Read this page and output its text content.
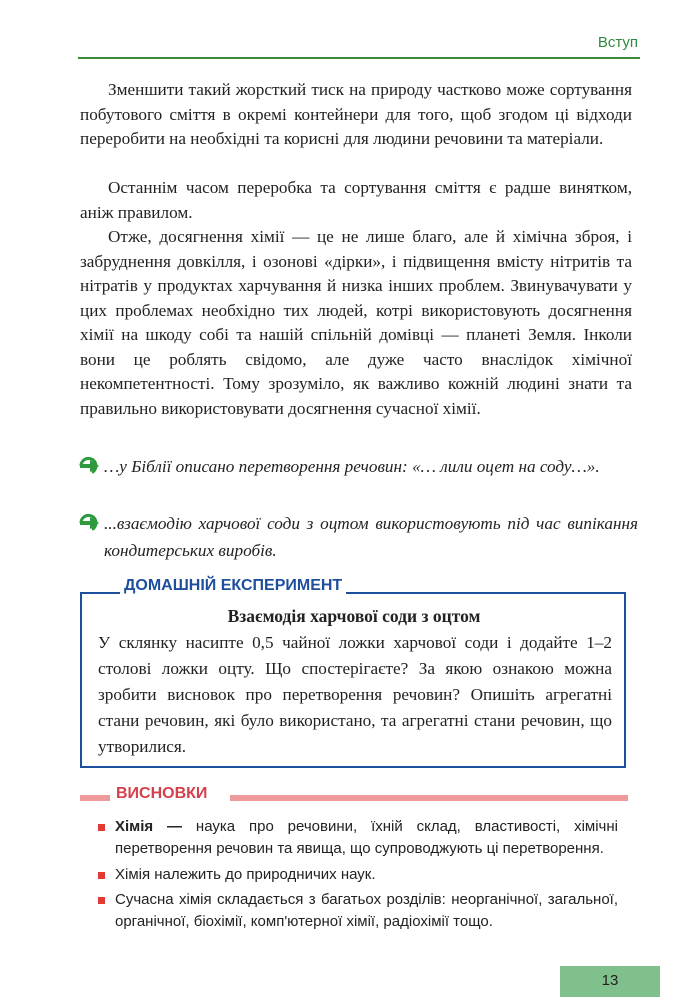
Вступ

Зменшити такий жорсткий тиск на природу частково може сортування побутового сміття в окремі контейнери для того, щоб згодом ці відходи переробити на необхідні та корисні для людини речовини та матеріали.

Останнім часом переробка та сортування сміття є радше винятком, аніж правилом.

Отже, досягнення хімії — це не лише благо, але й хімічна зброя, і забруднення довкілля, і озонові «дірки», і підвищення вмісту нітритів та нітратів у продуктах харчування й низка інших проблем. Звинувачувати у цих проблемах необхідно тих людей, котрі використовують досягнення хімії на шкоду собі та нашій спільній домівці — планеті Земля. Інколи вони це роблять свідомо, але дуже часто внаслідок хімічної некомпетентності. Тому зрозуміло, як важливо кожній людині знати та правильно використовувати досягнення сучасної хімії.

…у Біблії описано перетворення речовин: «… лили оцет на соду…».

...взаємодію харчової соди з оцтом використовують під час випікання кондитерських виробів.

ДОМАШНІЙ ЕКСПЕРИМЕНТ
Взаємодія харчової соди з оцтом

У склянку насипте 0,5 чайної ложки харчової соди і додайте 1–2 столові ложки оцту. Що спостерігаєте? За якою ознакою можна зробити висновок про перетворення речовин? Опишіть агрегатні стани речовин, які було використано, та агрегатні стани речовин, що утворилися.

ВИСНОВКИ
Хімія — наука про речовини, їхній склад, властивості, хімічні перетворення речовин та явища, що супроводжують ці перетворення.
Хімія належить до природничих наук.
Сучасна хімія складається з багатьох розділів: неорганічної, загальної, органічної, біохімії, комп'ютерної хімії, радіохімії тощо.
13
